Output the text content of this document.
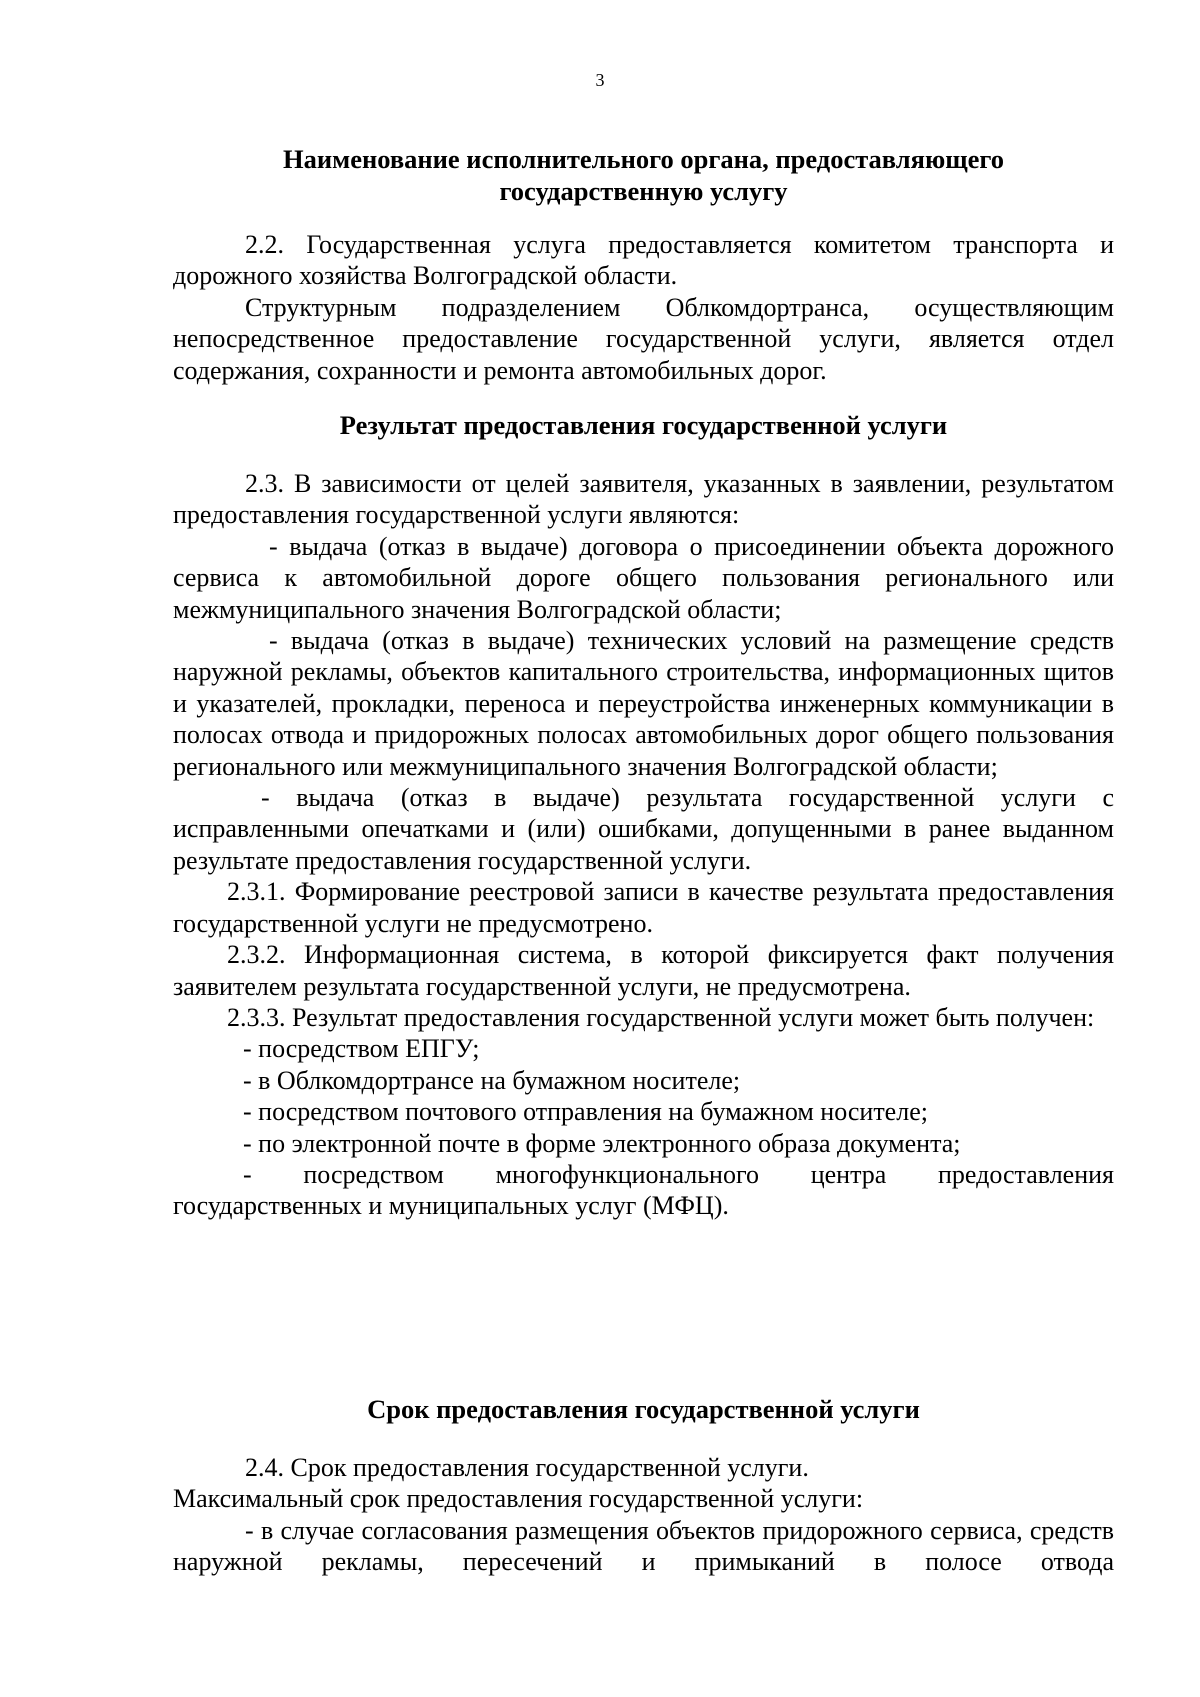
3
Наименование исполнительного органа, предоставляющего
государственную услугу

2.2. Государственная услуга предоставляется комитетом транспорта и дорожного хозяйства Волгоградской области.

Структурным подразделением Облкомдортранса, осуществляющим непосредственное предоставление государственной услуги, является отдел содержания, сохранности и ремонта автомобильных дорог.

Результат предоставления государственной услуги

2.3. В зависимости от целей заявителя, указанных в заявлении, результатом предоставления государственной услуги являются:

- выдача (отказ в выдаче) договора о присоединении объекта дорожного сервиса к автомобильной дороге общего пользования регионального или межмуниципального значения Волгоградской области;

- выдача (отказ в выдаче) технических условий на размещение средств наружной рекламы, объектов капитального строительства, информационных щитов и указателей, прокладки, переноса и переустройства инженерных коммуникации в полосах отвода и придорожных полосах автомобильных дорог общего пользования регионального или межмуниципального значения Волгоградской области;

- выдача (отказ в выдаче) результата государственной услуги с исправленными опечатками и (или) ошибками, допущенными в ранее выданном результате предоставления государственной услуги.

2.3.1. Формирование реестровой записи в качестве результата предоставления государственной услуги не предусмотрено.

2.3.2. Информационная система, в которой фиксируется факт получения заявителем результата государственной услуги, не предусмотрена.

2.3.3. Результат предоставления государственной услуги может быть получен:

- посредством ЕПГУ;

- в Облкомдортрансе на бумажном носителе;

- посредством почтового отправления на бумажном носителе;

- по электронной почте в форме электронного образа документа;

- посредством многофункционального центра предоставления государственных и муниципальных услуг (МФЦ).

Срок предоставления государственной услуги

2.4. Срок предоставления государственной услуги.

Максимальный срок предоставления государственной услуги:

- в случае согласования размещения объектов придорожного сервиса, средств наружной рекламы, пересечений и примыканий в полосе отвода
